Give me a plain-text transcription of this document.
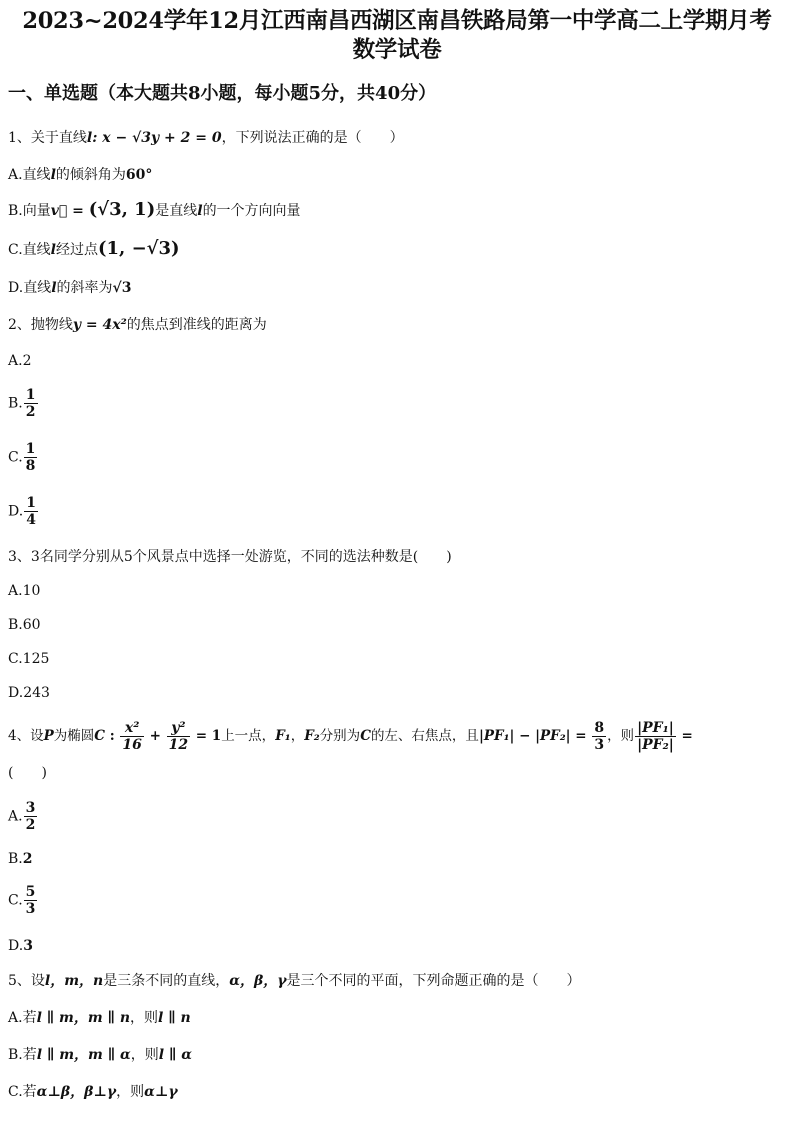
2023~2024学年12月江西南昌西湖区南昌铁路局第一中学高二上学期月考
数学试卷
一、单选题（本大题共8小题，每小题5分，共40分）
1、关于直线l: x − √3y + 2 = 0，下列说法正确的是（　　）
A.直线l的倾斜角为60°
B.向量v⃗ = (√3, 1)是直线l的一个方向向量
C.直线l经过点(1, −√3)
D.直线l的斜率为√3
2、抛物线y = 4x²的焦点到准线的距离为
A.2
B. $\frac{1}{2}$
C. $\frac{1}{8}$
D. $\frac{1}{4}$
3、3名同学分别从5个风景点中选择一处游览，不同的选法种数是(　　)
A.10
B.60
C.125
D.243
4、设P为椭圆C : $\frac{\text{x²}}{16} + \frac{\text{y²}}{12} = 1$上一点，F₁，F₂分别为C的左、右焦点，且$|PF_1| - |PF_2| = \frac{8}{3}$ ，则 $\frac{\text{|PF₁|}}{\text{|PF₂|}}$ =
(　　)
A. $\frac{3}{2}$
B.2
C. $\frac{5}{3}$
D.3
5、设l，m，n是三条不同的直线，α，β，γ是三个不同的平面，下列命题正确的是（　　）
A.若l ∥ m，m ∥ n，则l ∥ n
B.若l ∥ m，m ∥ α，则l ∥ α
C.若α⊥β，β⊥γ，则α⊥γ
